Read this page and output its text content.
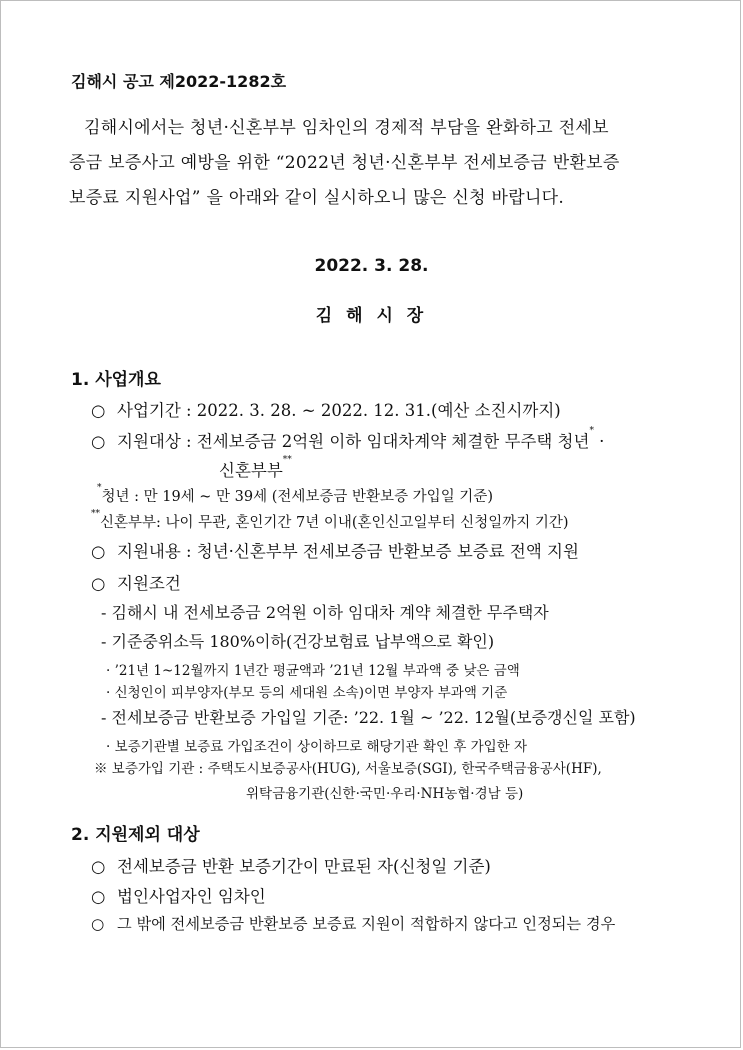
김해시 공고 제2022-1282호
김해시에서는 청년·신혼부부 임차인의 경제적 부담을 완화하고 전세보
증금 보증사고 예방을 위한 “2022년 청년·신혼부부 전세보증금 반환보증
보증료 지원사업” 을 아래와 같이 실시하오니 많은 신청 바랍니다.
2022. 3. 28.
김 해 시 장
1. 사업개요
○ 사업기간 : 2022. 3. 28. ~ 2022. 12. 31.(예산 소진시까지)
○ 지원대상 : 전세보증금 2억원 이하 임대차계약 체결한 무주택 청년* ·
신혼부부**
*청년 : 만 19세 ~ 만 39세 (전세보증금 반환보증 가입일 기준)
**신혼부부: 나이 무관, 혼인기간 7년 이내(혼인신고일부터 신청일까지 기간)
○ 지원내용 : 청년·신혼부부 전세보증금 반환보증 보증료 전액 지원
○ 지원조건
- 김해시 내 전세보증금 2억원 이하 임대차 계약 체결한 무주택자
- 기준중위소득 180%이하(건강보험료 납부액으로 확인)
· ’21년 1~12월까지 1년간 평균액과 ’21년 12월 부과액 중 낮은 금액
· 신청인이 피부양자(부모 등의 세대원 소속)이면 부양자 부과액 기준
- 전세보증금 반환보증 가입일 기준: ’22. 1월 ~ ’22. 12월(보증갱신일 포함)
· 보증기관별 보증료 가입조건이 상이하므로 해당기관 확인 후 가입한 자
※ 보증가입 기관 : 주택도시보증공사(HUG), 서울보증(SGI), 한국주택금융공사(HF),
위탁금융기관(신한·국민·우리·NH농협·경남 등)
2. 지원제외 대상
○ 전세보증금 반환 보증기간이 만료된 자(신청일 기준)
○ 법인사업자인 임차인
○ 그 밖에 전세보증금 반환보증 보증료 지원이 적합하지 않다고 인정되는 경우
